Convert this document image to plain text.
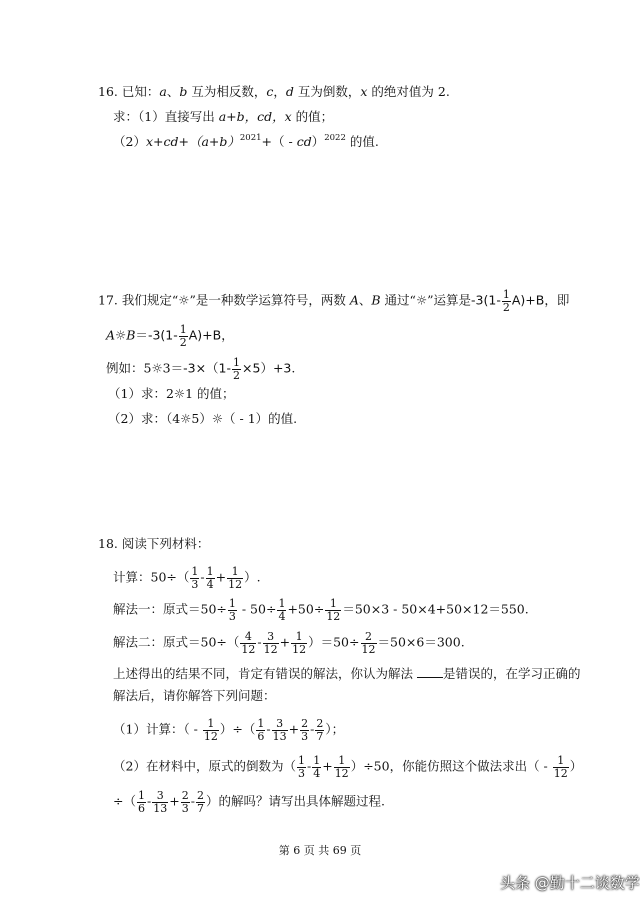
16. 已知：a、b 互为相反数，c，d 互为倒数，x 的绝对值为 2.
求：（1）直接写出 a+b，cd，x 的值；
$(2)x+cd+(a+b)^{2021}+( - cd)^{2022}$ 的值.
17. 我们规定“☼”是一种数学运算符号，两数 A、B 通过“☼”运算是$-3(1- \frac{1}{2} A)+B$，即
A☼B＝-3(1- $\frac{1}{2} A)+B$，
例如：5☼3＝-3×（1- $\frac{1}{2} \times 5)+3$.
（1）求：2☼1 的值；
（2）求：（4☼5）☼（ - 1）的值.
18. 阅读下列材料：
计算：$50\div( \frac{1}{3} - \frac{1}{4} + \frac{1}{12}$ ）.
解法一：原式$=50\div \frac{1}{3} - 50\div \frac{1}{4} +50\div \frac{1}{12} =50\times 3 - 50\times 4+50\times 12=550$.
解法二：原式$=50\div( \frac{4}{12} - \frac{3}{12} + \frac{1}{12} )=50\div \frac{2}{12} =50\times 6=300$.
上述得出的结果不同，肯定有错误的解法，你认为解法 是错误的，在学习正确的
解法后，请你解答下列问题：
（1）计算：（ - $\frac{1}{12}$ ）÷（ $\frac{1}{6} - \frac{3}{13} + \frac{2}{3} - \frac{2}{7}$ ）；
（2）在材料中，原式的倒数为（ $\frac{1}{3} - \frac{1}{4} + \frac{1}{12} )\div 50$，你能仿照这个做法求出（ - $\frac{1}{12}$ ）
÷（ $\frac{1}{6} - \frac{3}{13} + \frac{2}{3} - \frac{2}{7}$ ）的解吗？请写出具体解题过程.
第 6 页 共 69 页
头条 @勤十二谈数学
